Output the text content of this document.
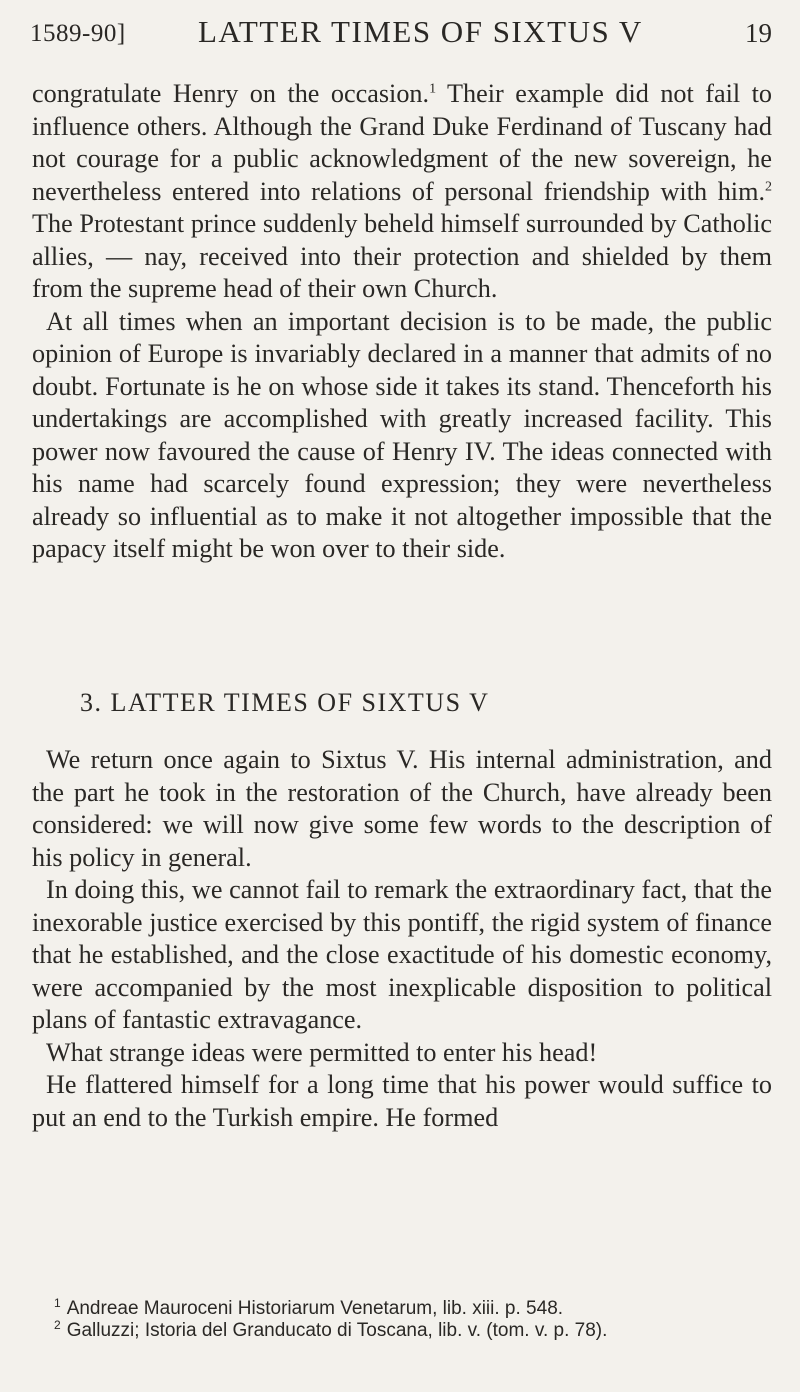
1589-90] LATTER TIMES OF SIXTUS V	19

congratulate Henry on the occasion.$^1$ Their example did not fail to influence others. Although the Grand Duke Ferdinand of Tuscany had not courage for a public acknowledgment of the new sovereign, he nevertheless entered into relations of personal friendship with him.$^2$ The Protestant prince suddenly beheld himself surrounded by Catholic allies, — nay, received into their protection and shielded by them from the supreme head of their own Church.

At all times when an important decision is to be made, the public opinion of Europe is invariably declared in a manner that admits of no doubt. Fortunate is he on whose side it takes its stand. Thenceforth his undertakings are accomplished with greatly increased facility. This power now favoured the cause of Henry IV. The ideas connected with his name had scarcely found expression; they were nevertheless already so influential as to make it not altogether impossible that the papacy itself might be won over to their side.

3. LATTER TIMES OF SIXTUS V

We return once again to Sixtus V. His internal administration, and the part he took in the restoration of the Church, have already been considered: we will now give some few words to the description of his policy in general.

In doing this, we cannot fail to remark the extraordinary fact, that the inexorable justice exercised by this pontiff, the rigid system of finance that he established, and the close exactitude of his domestic economy, were accompanied by the most inexplicable disposition to political plans of fantastic extravagance.

What strange ideas were permitted to enter his head!

He flattered himself for a long time that his power would suffice to put an end to the Turkish empire. He formed

$^1$ Andreae Mauroceni Historiarum Venetarum, lib. xiii. p. 548.

$^2$ Galluzzi; Istoria del Granducato di Toscana, lib. v. (tom. v. p. 78).
